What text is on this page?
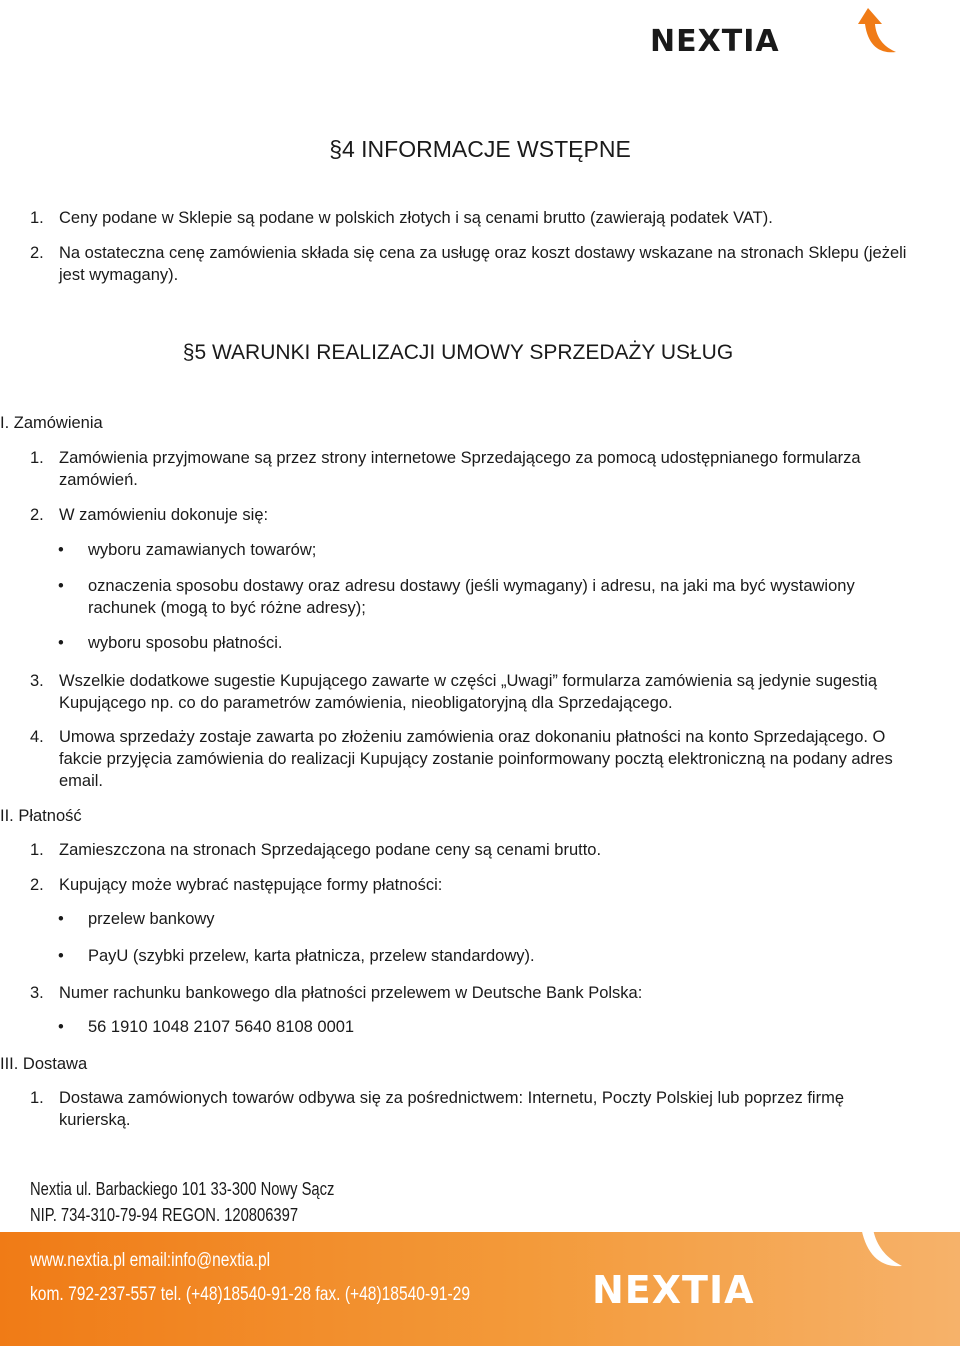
NEXTIA
§4 INFORMACJE WSTĘPNE
1. Ceny podane w Sklepie są podane w polskich złotych i są cenami brutto (zawierają podatek VAT).
2. Na ostateczna cenę zamówienia składa się cena za usługę oraz koszt dostawy wskazane na stronach Sklepu (jeżeli jest wymagany).
§5 WARUNKI REALIZACJI UMOWY SPRZEDAŻY USŁUG
I. Zamówienia
1. Zamówienia przyjmowane są przez strony internetowe Sprzedającego za pomocą udostępnianego formularza zamówień.
2. W zamówieniu dokonuje się:
• wyboru zamawianych towarów;
• oznaczenia sposobu dostawy oraz adresu dostawy (jeśli wymagany) i adresu, na jaki ma być wystawiony rachunek (mogą to być różne adresy);
• wyboru sposobu płatności.
3. Wszelkie dodatkowe sugestie Kupującego zawarte w części „Uwagi” formularza zamówienia są jedynie sugestią Kupującego np. co do parametrów zamówienia, nieobligatoryjną dla Sprzedającego.
4. Umowa sprzedaży zostaje zawarta po złożeniu zamówienia oraz dokonaniu płatności na konto Sprzedającego. O fakcie przyjęcia zamówienia do realizacji Kupujący zostanie poinformowany pocztą elektroniczną na podany adres email.
II. Płatność
1. Zamieszczona na stronach Sprzedającego podane ceny są cenami brutto.
2. Kupujący może wybrać następujące formy płatności:
• przelew bankowy
• PayU (szybki przelew, karta płatnicza, przelew standardowy).
3. Numer rachunku bankowego dla płatności przelewem w Deutsche Bank Polska:
• 56 1910 1048 2107 5640 8108 0001
III. Dostawa
1. Dostawa zamówionych towarów odbywa się za pośrednictwem: Internetu, Poczty Polskiej lub poprzez firmę kurierską.
Nextia ul. Barbackiego 101 33-300 Nowy Sącz
NIP. 734-310-79-94 REGON. 120806397
www.nextia.pl email:info@nextia.pl
kom. 792-237-557 tel. (+48)18540-91-28 fax. (+48)18540-91-29	NEXTIA
